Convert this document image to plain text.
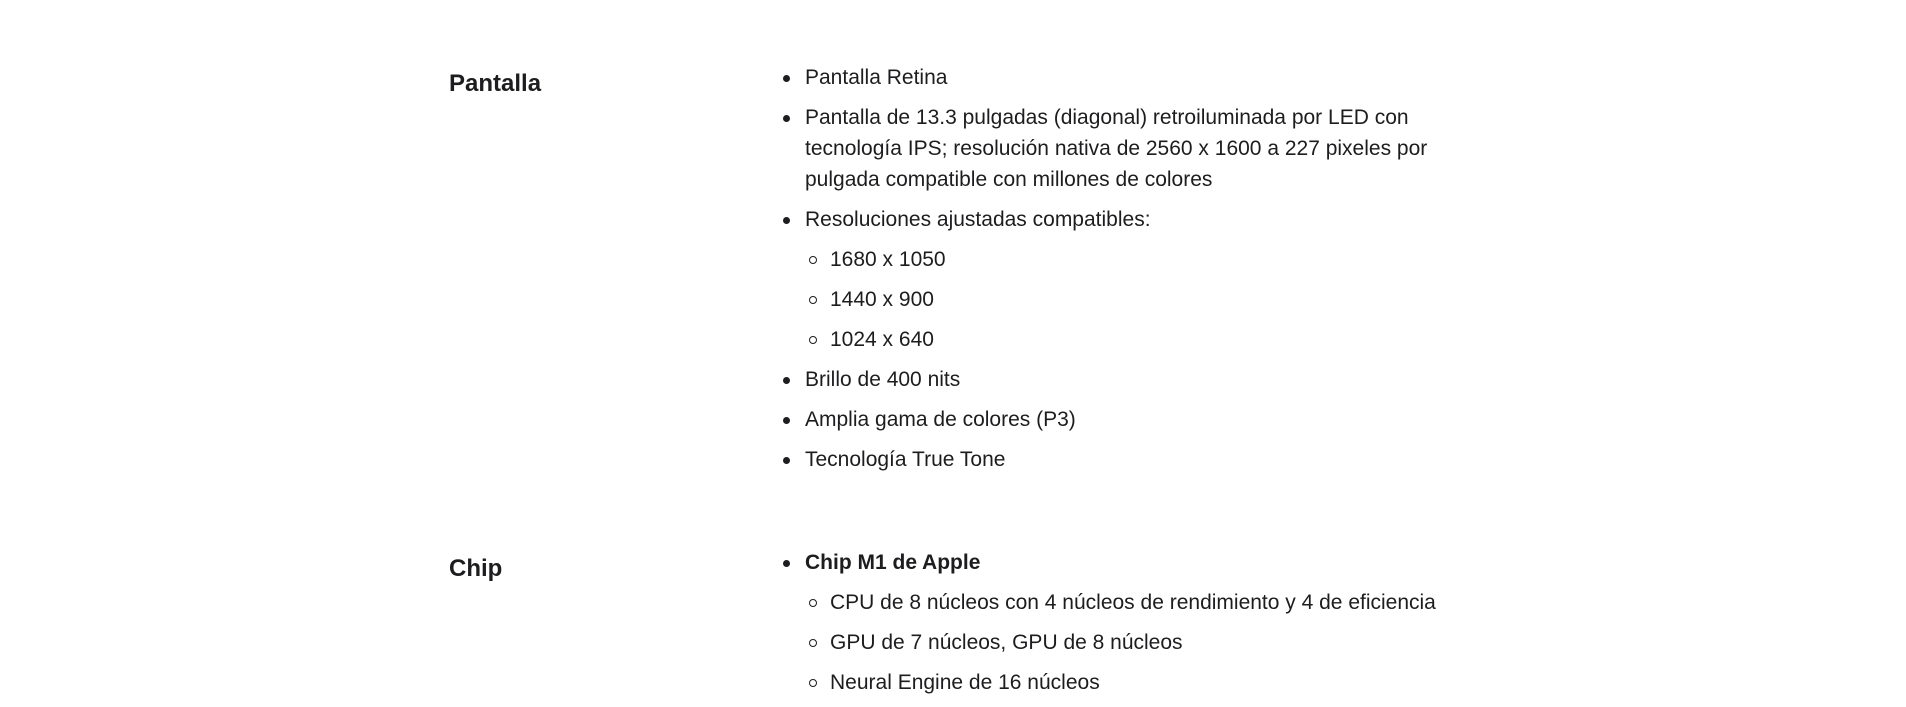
Pantalla	Pantalla Retina
Pantalla de 13.3 pulgadas (diagonal) retroiluminada por LED con tecnología IPS; resolución nativa de 2560 x 1600 a 227 pixeles por pulgada compatible con millones de colores
Resoluciones ajustadas compatibles:
1680 x 1050
1440 x 900
1024 x 640
Brillo de 400 nits
Amplia gama de colores (P3)
Tecnología True Tone
Chip	Chip M1 de Apple
CPU de 8 núcleos con 4 núcleos de rendimiento y 4 de eficiencia
GPU de 7 núcleos, GPU de 8 núcleos
Neural Engine de 16 núcleos
